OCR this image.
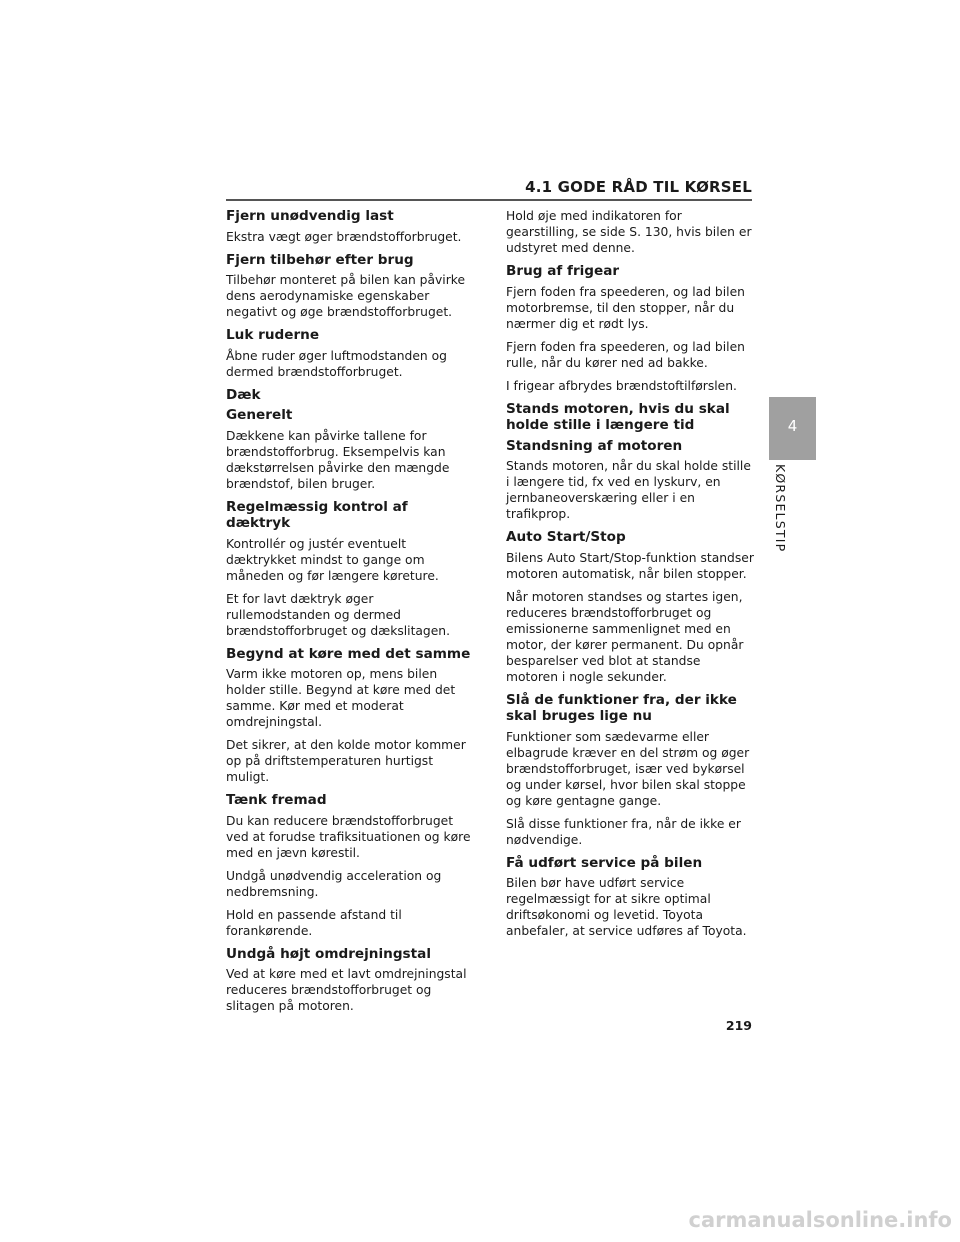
4.1 GODE RÅD TIL KØRSEL
Fjern unødvendig last

Ekstra vægt øger brændstofforbruget.

Fjern tilbehør efter brug

Tilbehør monteret på bilen kan påvirke dens aerodynamiske egenskaber negativt og øge brændstofforbruget.

Luk ruderne

Åbne ruder øger luftmodstanden og dermed brændstofforbruget.

Dæk
Generelt

Dækkene kan påvirke tallene for brændstofforbrug. Eksempelvis kan dækstørrelsen påvirke den mængde brændstof, bilen bruger.

Regelmæssig kontrol af dæktryk

Kontrollér og justér eventuelt dæktrykket mindst to gange om måneden og før længere køreture.

Et for lavt dæktryk øger rullemodstanden og dermed brændstofforbruget og dækslitagen.

Begynd at køre med det samme

Varm ikke motoren op, mens bilen holder stille. Begynd at køre med det samme. Kør med et moderat omdrejningstal.

Det sikrer, at den kolde motor kommer op på driftstemperaturen hurtigst muligt.

Tænk fremad

Du kan reducere brændstofforbruget ved at forudse trafiksituationen og køre med en jævn kørestil.

Undgå unødvendig acceleration og nedbremsning.

Hold en passende afstand til forankørende.

Undgå højt omdrejningstal

Ved at køre med et lavt omdrejningstal reduceres brændstofforbruget og slitagen på motoren.

Hold øje med indikatoren for gearstilling, se side S. 130, hvis bilen er udstyret med denne.

Brug af frigear

Fjern foden fra speederen, og lad bilen motorbremse, til den stopper, når du nærmer dig et rødt lys.

Fjern foden fra speederen, og lad bilen rulle, når du kører ned ad bakke.

I frigear afbrydes brændstoftilførslen.

Stands motoren, hvis du skal holde stille i længere tid
Standsning af motoren

Stands motoren, når du skal holde stille i længere tid, fx ved en lyskurv, en jernbaneoverskæring eller i en trafikprop.

Auto Start/Stop

Bilens Auto Start/Stop-funktion standser motoren automatisk, når bilen stopper.

Når motoren standses og startes igen, reduceres brændstofforbruget og emissionerne sammenlignet med en motor, der kører permanent. Du opnår besparelser ved blot at standse motoren i nogle sekunder.

Slå de funktioner fra, der ikke skal bruges lige nu

Funktioner som sædevarme eller elbagrude kræver en del strøm og øger brændstofforbruget, især ved bykørsel og under kørsel, hvor bilen skal stoppe og køre gentagne gange.

Slå disse funktioner fra, når de ikke er nødvendige.

Få udført service på bilen

Bilen bør have udført service regelmæssigt for at sikre optimal driftsøkonomi og levetid. Toyota anbefaler, at service udføres af Toyota.

4
KØRSELSTIP
219
carmanualsonline.info
